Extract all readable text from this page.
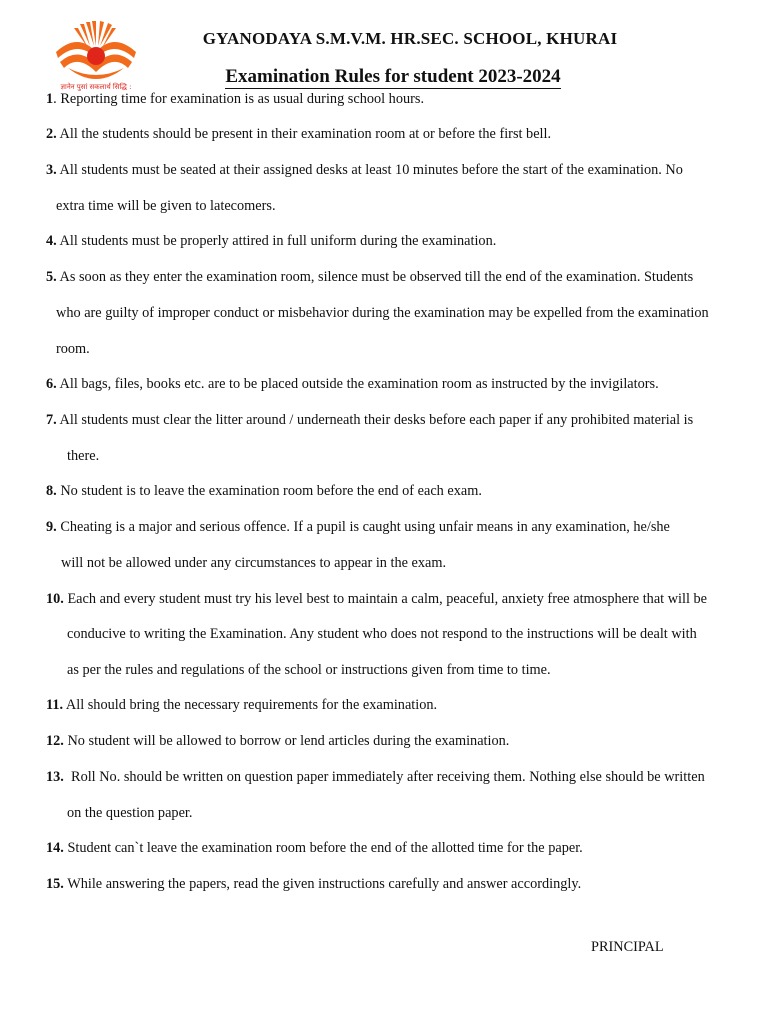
ज्ञानेन पुसां सकलार्थ सिद्धि :
GYANODAYA S.M.V.M. HR.SEC. SCHOOL, KHURAI
Examination Rules for student 2023-2024
1. Reporting time for examination is as usual during school hours.
2. All the students should be present in their examination room at or before the first bell.
3. All students must be seated at their assigned desks at least 10 minutes before the start of the examination. No
extra time will be given to latecomers.
4. All students must be properly attired in full uniform during the examination.
5. As soon as they enter the examination room, silence must be observed till the end of the examination. Students
who are guilty of improper conduct or misbehavior during the examination may be expelled from the examination
room.
6. All bags, files, books etc. are to be placed outside the examination room as instructed by the invigilators.
7. All students must clear the litter around / underneath their desks before each paper if any prohibited material is
there.
8. No student is to leave the examination room before the end of each exam.
9. Cheating is a major and serious offence. If a pupil is caught using unfair means in any examination, he/she
will not be allowed under any circumstances to appear in the exam.
10. Each and every student must try his level best to maintain a calm, peaceful, anxiety free atmosphere that will be
conducive to writing the Examination. Any student who does not respond to the instructions will be dealt with
as per the rules and regulations of the school or instructions given from time to time.
11. All should bring the necessary requirements for the examination.
12. No student will be allowed to borrow or lend articles during the examination.
13.  Roll No. should be written on question paper immediately after receiving them. Nothing else should be written
on the question paper.
14. Student can`t leave the examination room before the end of the allotted time for the paper.
15. While answering the papers, read the given instructions carefully and answer accordingly.
PRINCIPAL
